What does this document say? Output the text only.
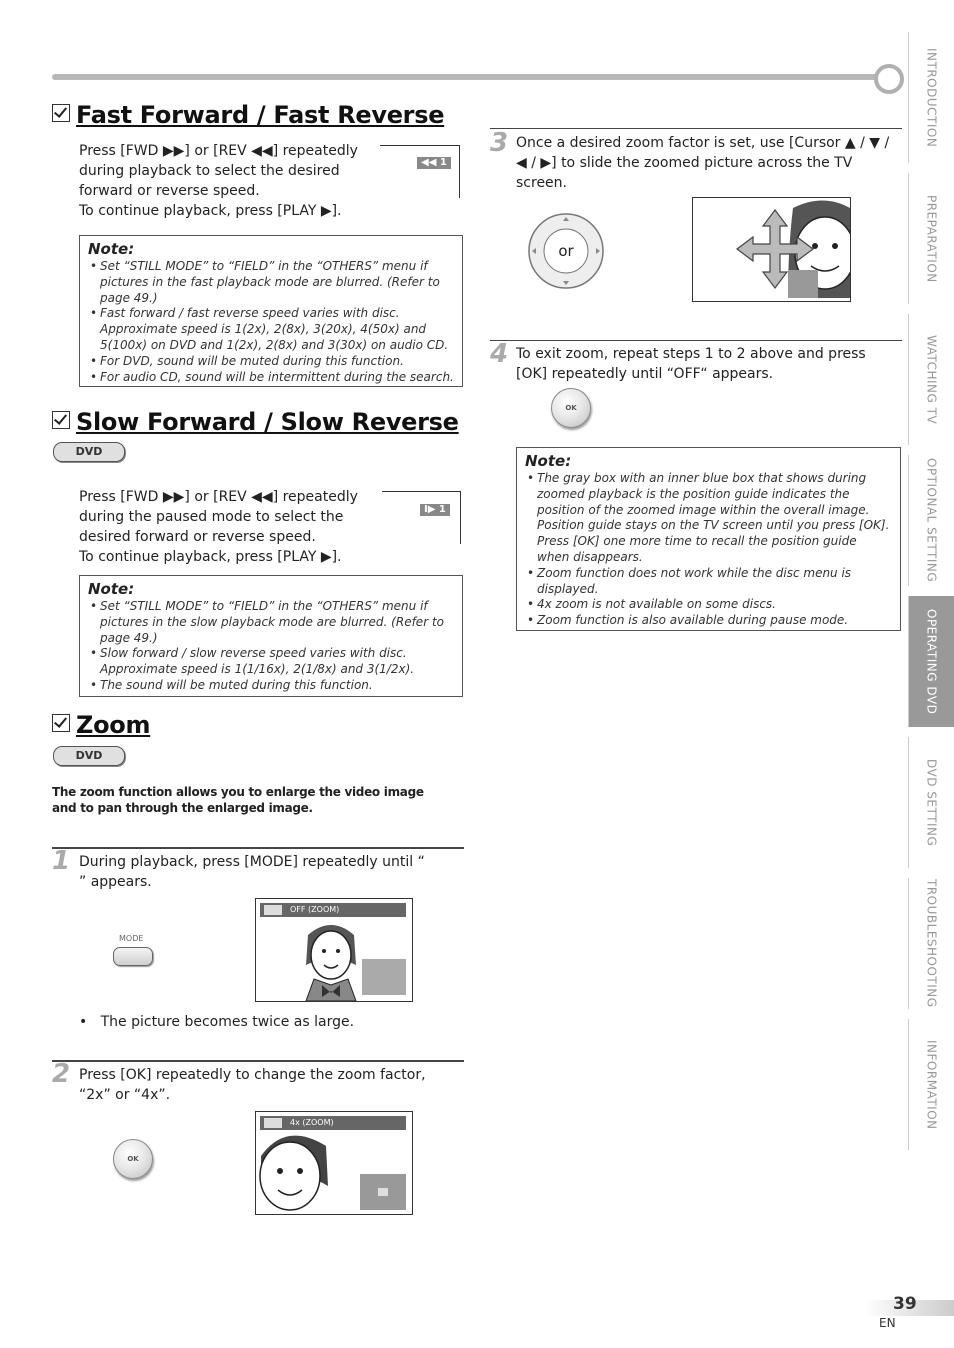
Fast Forward / Fast Reverse
Press [FWD ▶▶] or [REV ◀◀] repeatedly during playback to select the desired forward or reverse speed.
To continue playback, press [PLAY ▶].
◀◀ 1
Note:
• Set “STILL MODE” to “FIELD” in the “OTHERS” menu if pictures in the fast playback mode are blurred. (Refer to page 49.)
• Fast forward / fast reverse speed varies with disc. Approximate speed is 1(2x), 2(8x), 3(20x), 4(50x) and 5(100x) on DVD and 1(2x), 2(8x) and 3(30x) on audio CD.
• For DVD, sound will be muted during this function.
• For audio CD, sound will be intermittent during the search.
Slow Forward / Slow Reverse
DVD
Press [FWD ▶▶] or [REV ◀◀] repeatedly during the paused mode to select the desired forward or reverse speed.
To continue playback, press [PLAY ▶].
I▶ 1
Note:
• Set “STILL MODE” to “FIELD” in the “OTHERS” menu if pictures in the slow playback mode are blurred. (Refer to page 49.)
• Slow forward / slow reverse speed varies with disc. Approximate speed is 1(1/16x), 2(1/8x) and 3(1/2x).
• The sound will be muted during this function.
Zoom
DVD
The zoom function allows you to enlarge the video image and to pan through the enlarged image.
1 During playback, press [MODE] repeatedly until “ ” appears.
MODE
OFF (ZOOM)
•   The picture becomes twice as large.
2 Press [OK] repeatedly to change the zoom factor, “2x” or “4x”.
OK
4x (ZOOM)
3 Once a desired zoom factor is set, use [Cursor ▲ / ▼ / ◀ / ▶] to slide the zoomed picture across the TV screen.
or
4 To exit zoom, repeat steps 1 to 2 above and press [OK] repeatedly until “OFF“ appears.
OK
Note:
• The gray box with an inner blue box that shows during zoomed playback is the position guide indicates the position of the zoomed image within the overall image. Position guide stays on the TV screen until you press [OK]. Press [OK] one more time to recall the position guide when disappears.
• Zoom function does not work while the disc menu is displayed.
• 4x zoom is not available on some discs.
• Zoom function is also available during pause mode.
INTRODUCTION
PREPARATION
WATCHING TV
OPTIONAL SETTING
OPERATING DVD
DVD SETTING
TROUBLESHOOTING
INFORMATION
39
EN
